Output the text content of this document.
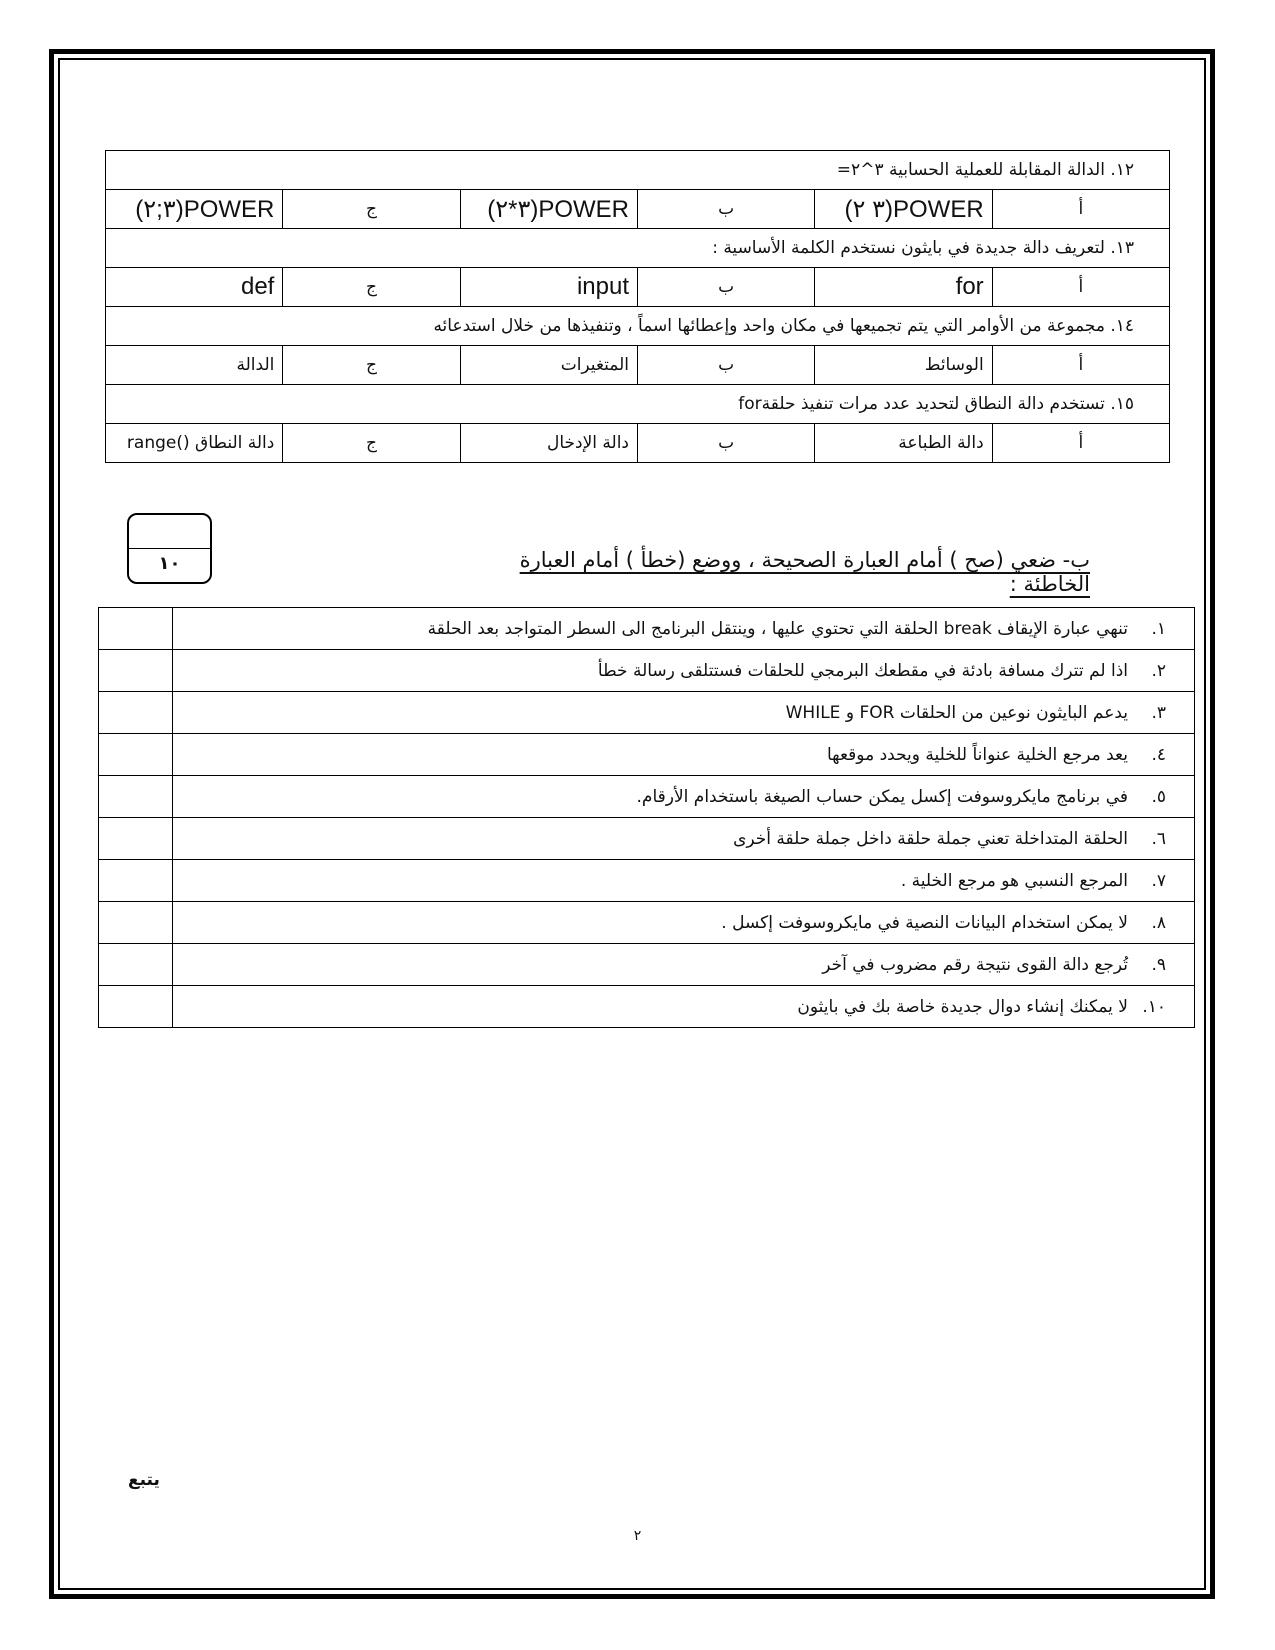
١٢. الدالة المقابلة للعملية الحسابية ٣^٢=					
أ	POWER(٣ ٢)	ب	POWER(٣*٢)	ج	POWER(٣;٢)
١٣. لتعريف دالة جديدة في بايثون نستخدم الكلمة الأساسية :					
أ	for	ب	input	ج	def
١٤. مجموعة من الأوامر التي يتم تجميعها في مكان واحد وإعطائها اسماً ، وتنفيذها من خلال استدعائه					
أ	الوسائط	ب	المتغيرات	ج	الدالة
١٥. تستخدم دالة النطاق لتحديد عدد مرات تنفيذ حلقةfor					
أ	دالة الطباعة	ب	دالة الإدخال	ج	دالة النطاق ()range
١٠	ب- ضعي (صح ) أمام العبارة الصحيحة ، ووضع (خطأ ) أمام العبارة الخاطئة :
١.تنهي عبارة الإيقاف break الحلقة التي تحتوي عليها ، وينتقل البرنامج الى السطر المتواجد بعد الحلقة	
٢.اذا لم تترك مسافة بادئة في مقطعك البرمجي للحلقات فستتلقى رسالة خطأ	
٣.يدعم البايثون نوعين من الحلقات FOR و WHILE	
٤.يعد مرجع الخلية عنواناً للخلية ويحدد موقعها	
٥.في برنامج مايكروسوفت إكسل يمكن حساب الصيغة باستخدام الأرقام.	
٦.الحلقة المتداخلة تعني جملة حلقة داخل جملة حلقة أخرى	
٧.المرجع النسبي هو مرجع الخلية .	
٨.لا يمكن استخدام البيانات النصية في مايكروسوفت إكسل .	
٩.تُرجع دالة القوى نتيجة رقم مضروب في آخر	
١٠.لا يمكنك إنشاء دوال جديدة خاصة بك في بايثون	
يتبع
٢
